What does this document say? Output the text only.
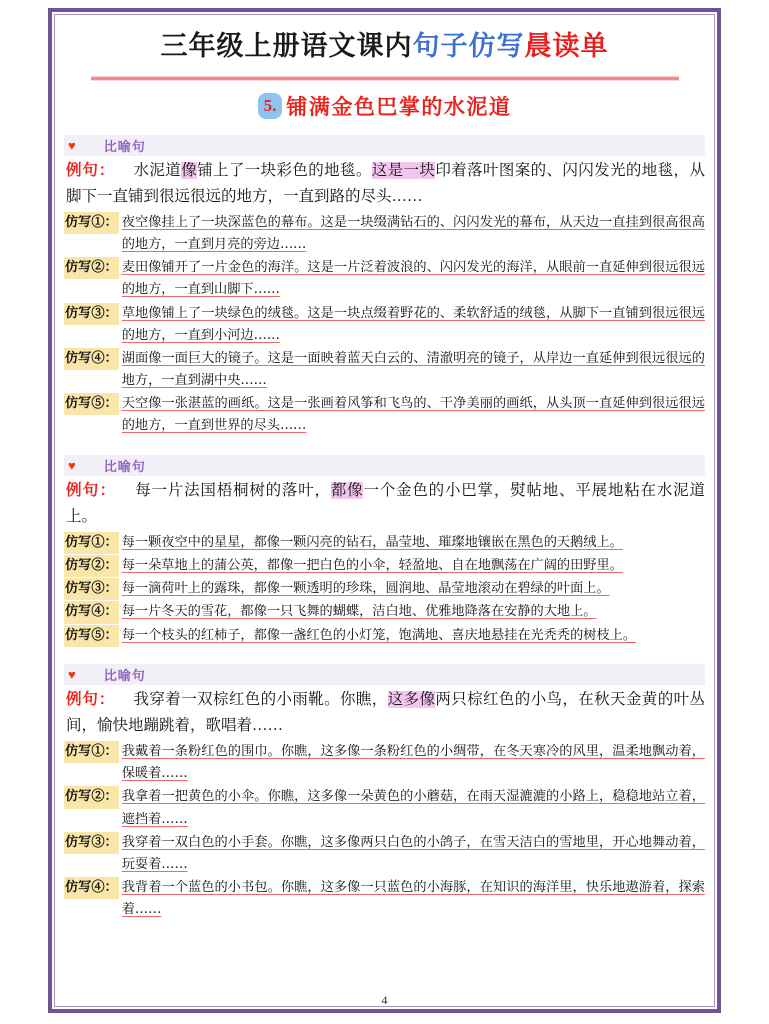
三年级上册语文课内句子仿写晨读单
5. 铺满金色巴掌的水泥道
♥ 比喻句
例句： 水泥道像铺上了一块彩色的地毯。这是一块印着落叶图案的、闪闪发光的地毯，从脚下一直铺到很远很远的地方，一直到路的尽头……
仿写①： 夜空像挂上了一块深蓝色的幕布。这是一块缀满钻石的、闪闪发光的幕布，从天边一直挂到很高很高的地方，一直到月亮的旁边……
仿写②： 麦田像铺开了一片金色的海洋。这是一片泛着波浪的、闪闪发光的海洋，从眼前一直延伸到很远很远的地方，一直到山脚下……
仿写③： 草地像铺上了一块绿色的绒毯。这是一块点缀着野花的、柔软舒适的绒毯，从脚下一直铺到很远很远的地方，一直到小河边……
仿写④： 湖面像一面巨大的镜子。这是一面映着蓝天白云的、清澈明亮的镜子，从岸边一直延伸到很远很远的地方，一直到湖中央……
仿写⑤： 天空像一张湛蓝的画纸。这是一张画着风筝和飞鸟的、干净美丽的画纸，从头顶一直延伸到很远很远的地方，一直到世界的尽头……
♥ 比喻句
例句： 每一片法国梧桐树的落叶，都像一个金色的小巴掌，熨帖地、平展地粘在水泥道上。
仿写①： 每一颗夜空中的星星，都像一颗闪亮的钻石，晶莹地、璀璨地镶嵌在黑色的天鹅绒上。
仿写②： 每一朵草地上的蒲公英，都像一把白色的小伞，轻盈地、自在地飘荡在广阔的田野里。
仿写③： 每一滴荷叶上的露珠，都像一颗透明的珍珠，圆润地、晶莹地滚动在碧绿的叶面上。
仿写④： 每一片冬天的雪花，都像一只飞舞的蝴蝶，洁白地、优雅地降落在安静的大地上。
仿写⑤： 每一个枝头的红柿子，都像一盏红色的小灯笼，饱满地、喜庆地悬挂在光秃秃的树枝上。
♥ 比喻句
例句： 我穿着一双棕红色的小雨靴。你瞧，这多像两只棕红色的小鸟，在秋天金黄的叶丛间，愉快地蹦跳着，歌唱着……
仿写①： 我戴着一条粉红色的围巾。你瞧，这多像一条粉红色的小绸带，在冬天寒冷的风里，温柔地飘动着，保暖着……
仿写②： 我拿着一把黄色的小伞。你瞧，这多像一朵黄色的小蘑菇，在雨天湿漉漉的小路上，稳稳地站立着，遮挡着……
仿写③： 我穿着一双白色的小手套。你瞧，这多像两只白色的小鸽子，在雪天洁白的雪地里，开心地舞动着，玩耍着……
仿写④： 我背着一个蓝色的小书包。你瞧，这多像一只蓝色的小海豚，在知识的海洋里，快乐地遨游着，探索着……
4
